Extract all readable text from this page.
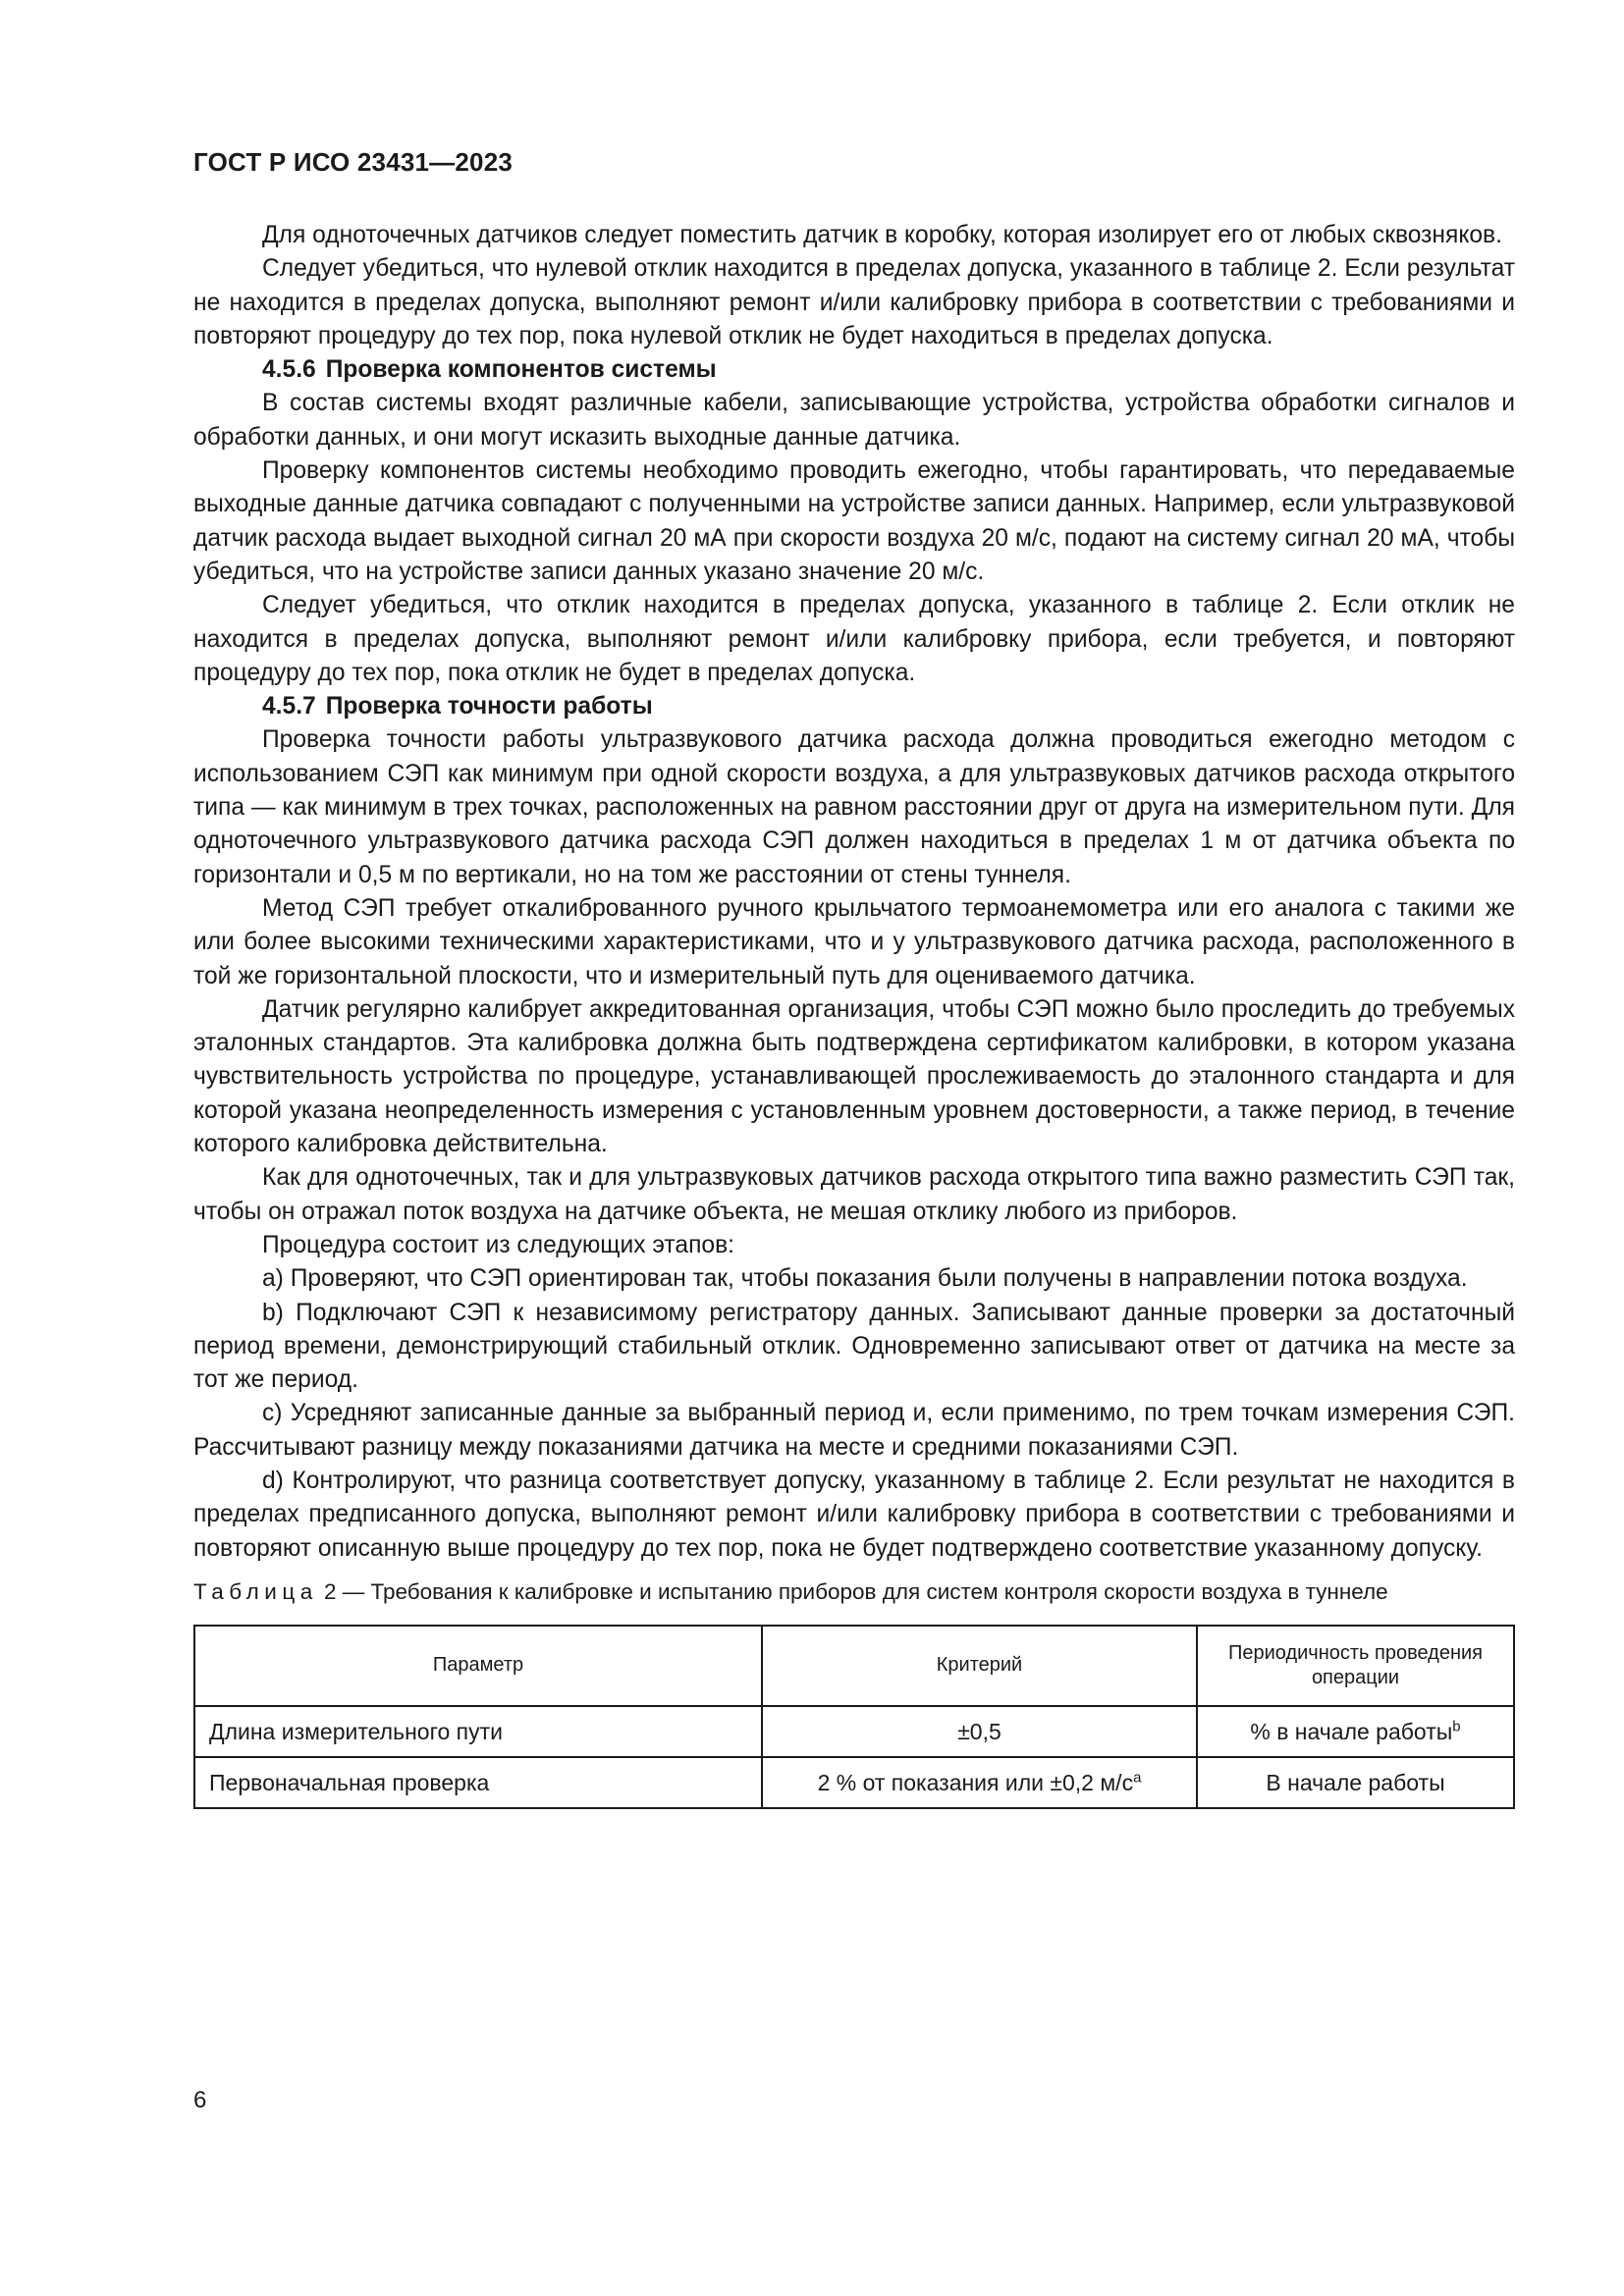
ГОСТ Р ИСО 23431—2023

Для одноточечных датчиков следует поместить датчик в коробку, которая изолирует его от любых сквозняков.

Следует убедиться, что нулевой отклик находится в пределах допуска, указанного в таблице 2. Если результат не находится в пределах допуска, выполняют ремонт и/или калибровку прибора в соответствии с требованиями и повторяют процедуру до тех пор, пока нулевой отклик не будет находиться в пределах допуска.

4.5.6 Проверка компонентов системы

В состав системы входят различные кабели, записывающие устройства, устройства обработки сигналов и обработки данных, и они могут исказить выходные данные датчика.

Проверку компонентов системы необходимо проводить ежегодно, чтобы гарантировать, что передаваемые выходные данные датчика совпадают с полученными на устройстве записи данных. Например, если ультразвуковой датчик расхода выдает выходной сигнал 20 мА при скорости воздуха 20 м/с, подают на систему сигнал 20 мА, чтобы убедиться, что на устройстве записи данных указано значение 20 м/с.

Следует убедиться, что отклик находится в пределах допуска, указанного в таблице 2. Если отклик не находится в пределах допуска, выполняют ремонт и/или калибровку прибора, если требуется, и повторяют процедуру до тех пор, пока отклик не будет в пределах допуска.

4.5.7 Проверка точности работы

Проверка точности работы ультразвукового датчика расхода должна проводиться ежегодно методом с использованием СЭП как минимум при одной скорости воздуха, а для ультразвуковых датчиков расхода открытого типа — как минимум в трех точках, расположенных на равном расстоянии друг от друга на измерительном пути. Для одноточечного ультразвукового датчика расхода СЭП должен находиться в пределах 1 м от датчика объекта по горизонтали и 0,5 м по вертикали, но на том же расстоянии от стены туннеля.

Метод СЭП требует откалиброванного ручного крыльчатого термоанемометра или его аналога с такими же или более высокими техническими характеристиками, что и у ультразвукового датчика расхода, расположенного в той же горизонтальной плоскости, что и измерительный путь для оцениваемого датчика.

Датчик регулярно калибрует аккредитованная организация, чтобы СЭП можно было проследить до требуемых эталонных стандартов. Эта калибровка должна быть подтверждена сертификатом калибровки, в котором указана чувствительность устройства по процедуре, устанавливающей прослеживаемость до эталонного стандарта и для которой указана неопределенность измерения с установленным уровнем достоверности, а также период, в течение которого калибровка действительна.

Как для одноточечных, так и для ультразвуковых датчиков расхода открытого типа важно разместить СЭП так, чтобы он отражал поток воздуха на датчике объекта, не мешая отклику любого из приборов.

Процедура состоит из следующих этапов:

a) Проверяют, что СЭП ориентирован так, чтобы показания были получены в направлении потока воздуха.

b) Подключают СЭП к независимому регистратору данных. Записывают данные проверки за достаточный период времени, демонстрирующий стабильный отклик. Одновременно записывают ответ от датчика на месте за тот же период.

c) Усредняют записанные данные за выбранный период и, если применимо, по трем точкам измерения СЭП. Рассчитывают разницу между показаниями датчика на месте и средними показаниями СЭП.

d) Контролируют, что разница соответствует допуску, указанному в таблице 2. Если результат не находится в пределах предписанного допуска, выполняют ремонт и/или калибровку прибора в соответствии с требованиями и повторяют описанную выше процедуру до тех пор, пока не будет подтверждено соответствие указанному допуску.

Таблица 2 — Требования к калибровке и испытанию приборов для систем контроля скорости воздуха в туннеле
Параметр	Критерий	Периодичность проведения операции
Длина измерительного пути	±0,5	% в начале работы$^b$
Первоначальная проверка	2 % от показания или ±0,2 $м/с^a$	В начале работы
6
